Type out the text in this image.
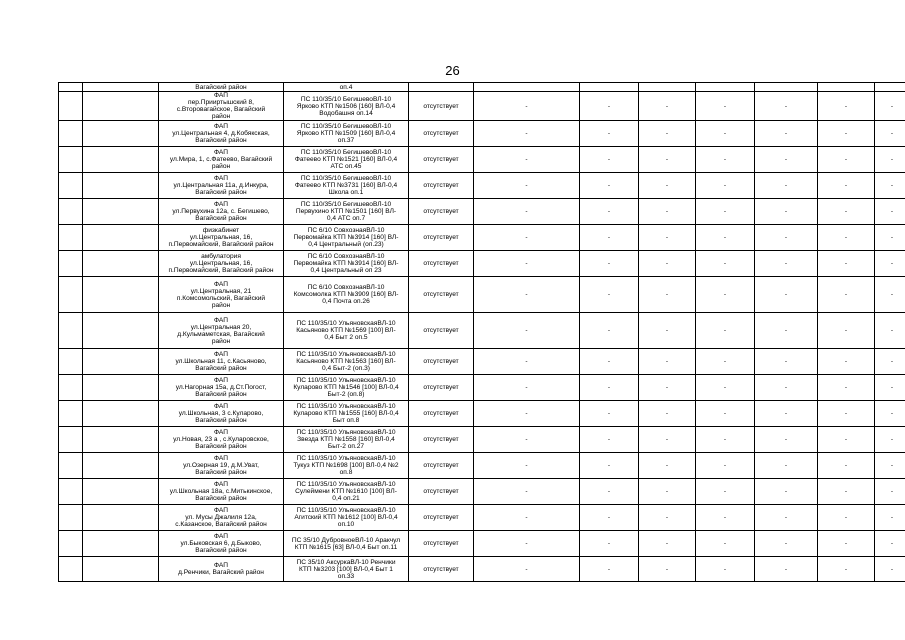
26
		Вагайский район	оп.4								
		ФАП
пер.Прииртышский 8,
с.Второвагайское, Вагайский
район	ПС 110/35/10 БегишевоВЛ-10
Ярково КТП №1506 [160] ВЛ-0,4
Водобашня оп.14	отсутствует	-	-	-	-	-	-	-
		ФАП
ул.Центральная 4, д.Кобякская,
Вагайский район	ПС 110/35/10 БегишевоВЛ-10
Ярково КТП №1509 [160] ВЛ-0,4
оп.37	отсутствует	-	-	-	-	-	-	-
		ФАП
ул.Мира, 1, с.Фатеево, Вагайский
район	ПС 110/35/10 БегишевоВЛ-10
Фатеево КТП №1521 [160] ВЛ-0,4
АТС оп.45	отсутствует	-	-	-	-	-	-	-
		ФАП
ул.Центральная 11а, д.Инкура,
Вагайский район	ПС 110/35/10 БегишевоВЛ-10
Фатеево КТП №3731 [160] ВЛ-0,4
Школа оп.1	отсутствует	-	-	-	-	-	-	-
		ФАП
ул.Первухина 12а, с. Бегишево,
Вагайский район	ПС 110/35/10 БегишевоВЛ-10
Первухино КТП №1501 [160] ВЛ-
0,4 АТС оп.7	отсутствует	-	-	-	-	-	-	-
		физкабинет
ул.Центральная, 16,
п.Первомайский, Вагайский район	ПС 6/10 СовхознаяВЛ-10
Первомайка КТП №3914 [160] ВЛ-
0,4 Центральный (оп.23)	отсутствует	-	-	-	-	-	-	-
		амбулатория
ул.Центральная, 16,
п.Первомайский, Вагайский район	ПС 6/10 СовхознаяВЛ-10
Первомайка КТП №3914 [160] ВЛ-
0,4 Центральный оп 23	отсутствует	-	-	-	-	-	-	-
		ФАП
ул.Центральная, 21
п.Комсомольский, Вагайский
район	ПС 6/10 СовхознаяВЛ-10
Комсомолка КТП №3909 [160] ВЛ-
0,4 Почта оп.26	отсутствует	-	-	-	-	-	-	-
		ФАП
ул.Центральная 20,
д.Кульмаметская, Вагайский
район	ПС 110/35/10 УльяновскаяВЛ-10
Касьяново КТП №1569 [100] ВЛ-
0,4 Быт 2 оп.5	отсутствует	-	-	-	-	-	-	-
		ФАП
ул.Школьная 11, с.Касьяново,
Вагайский район	ПС 110/35/10 УльяновскаяВЛ-10
Касьяново КТП №1563 [160] ВЛ-
0,4 Быт-2 (оп.3)	отсутствует	-	-	-	-	-	-	-
		ФАП
ул.Нагорная 15а, д.Ст.Погост,
Вагайский район	ПС 110/35/10 УльяновскаяВЛ-10
Куларово КТП №1546 [100] ВЛ-0,4
Быт-2 (оп.8)	отсутствует	-	-	-	-	-	-	-
		ФАП
ул.Школьная, 3 с.Куларово,
Вагайский район	ПС 110/35/10 УльяновскаяВЛ-10
Куларово КТП №1555 [160] ВЛ-0,4
Быт оп.8	отсутствует	-	-	-	-	-	-	-
		ФАП
ул.Новая, 23 а , с.Куларовское,
Вагайский район	ПС 110/35/10 УльяновскаяВЛ-10
Звезда КТП №1558 [160] ВЛ-0,4
Быт-2 оп.27	отсутствует	-	-	-	-	-	-	-
		ФАП
ул.Озерная 19, д.М.Уват,
Вагайский район	ПС 110/35/10 УльяновскаяВЛ-10
Тукуз КТП №1698 [100] ВЛ-0,4 №2
оп.8	отсутствует	-	-	-	-	-	-	-
		ФАП
ул.Школьная 18а, с.Митькинское,
Вагайский район	ПС 110/35/10 УльяновскаяВЛ-10
Сулеймени КТП №1610 [100] ВЛ-
0,4 оп.21	отсутствует	-	-	-	-	-	-	-
		ФАП
ул. Мусы Джалиля 12а,
с.Казанское, Вагайский район	ПС 110/35/10 УльяновскаяВЛ-10
Агитский КТП №1612 [100] ВЛ-0,4
оп.10	отсутствует	-	-	-	-	-	-	-
		ФАП
ул.Быковская 6, д.Быково,
Вагайский район	ПС 35/10 ДубровноеВЛ-10 Аракчул
КТП №1615 [63] ВЛ-0,4 Быт оп.11	отсутствует	-	-	-	-	-	-	-
		ФАП
д.Ренчики, Вагайский район	ПС 35/10 АксуркаВЛ-10 Ренчики
КТП №3203 [100] ВЛ-0,4 Быт 1
оп.33	отсутствует	-	-	-	-	-	-	-
